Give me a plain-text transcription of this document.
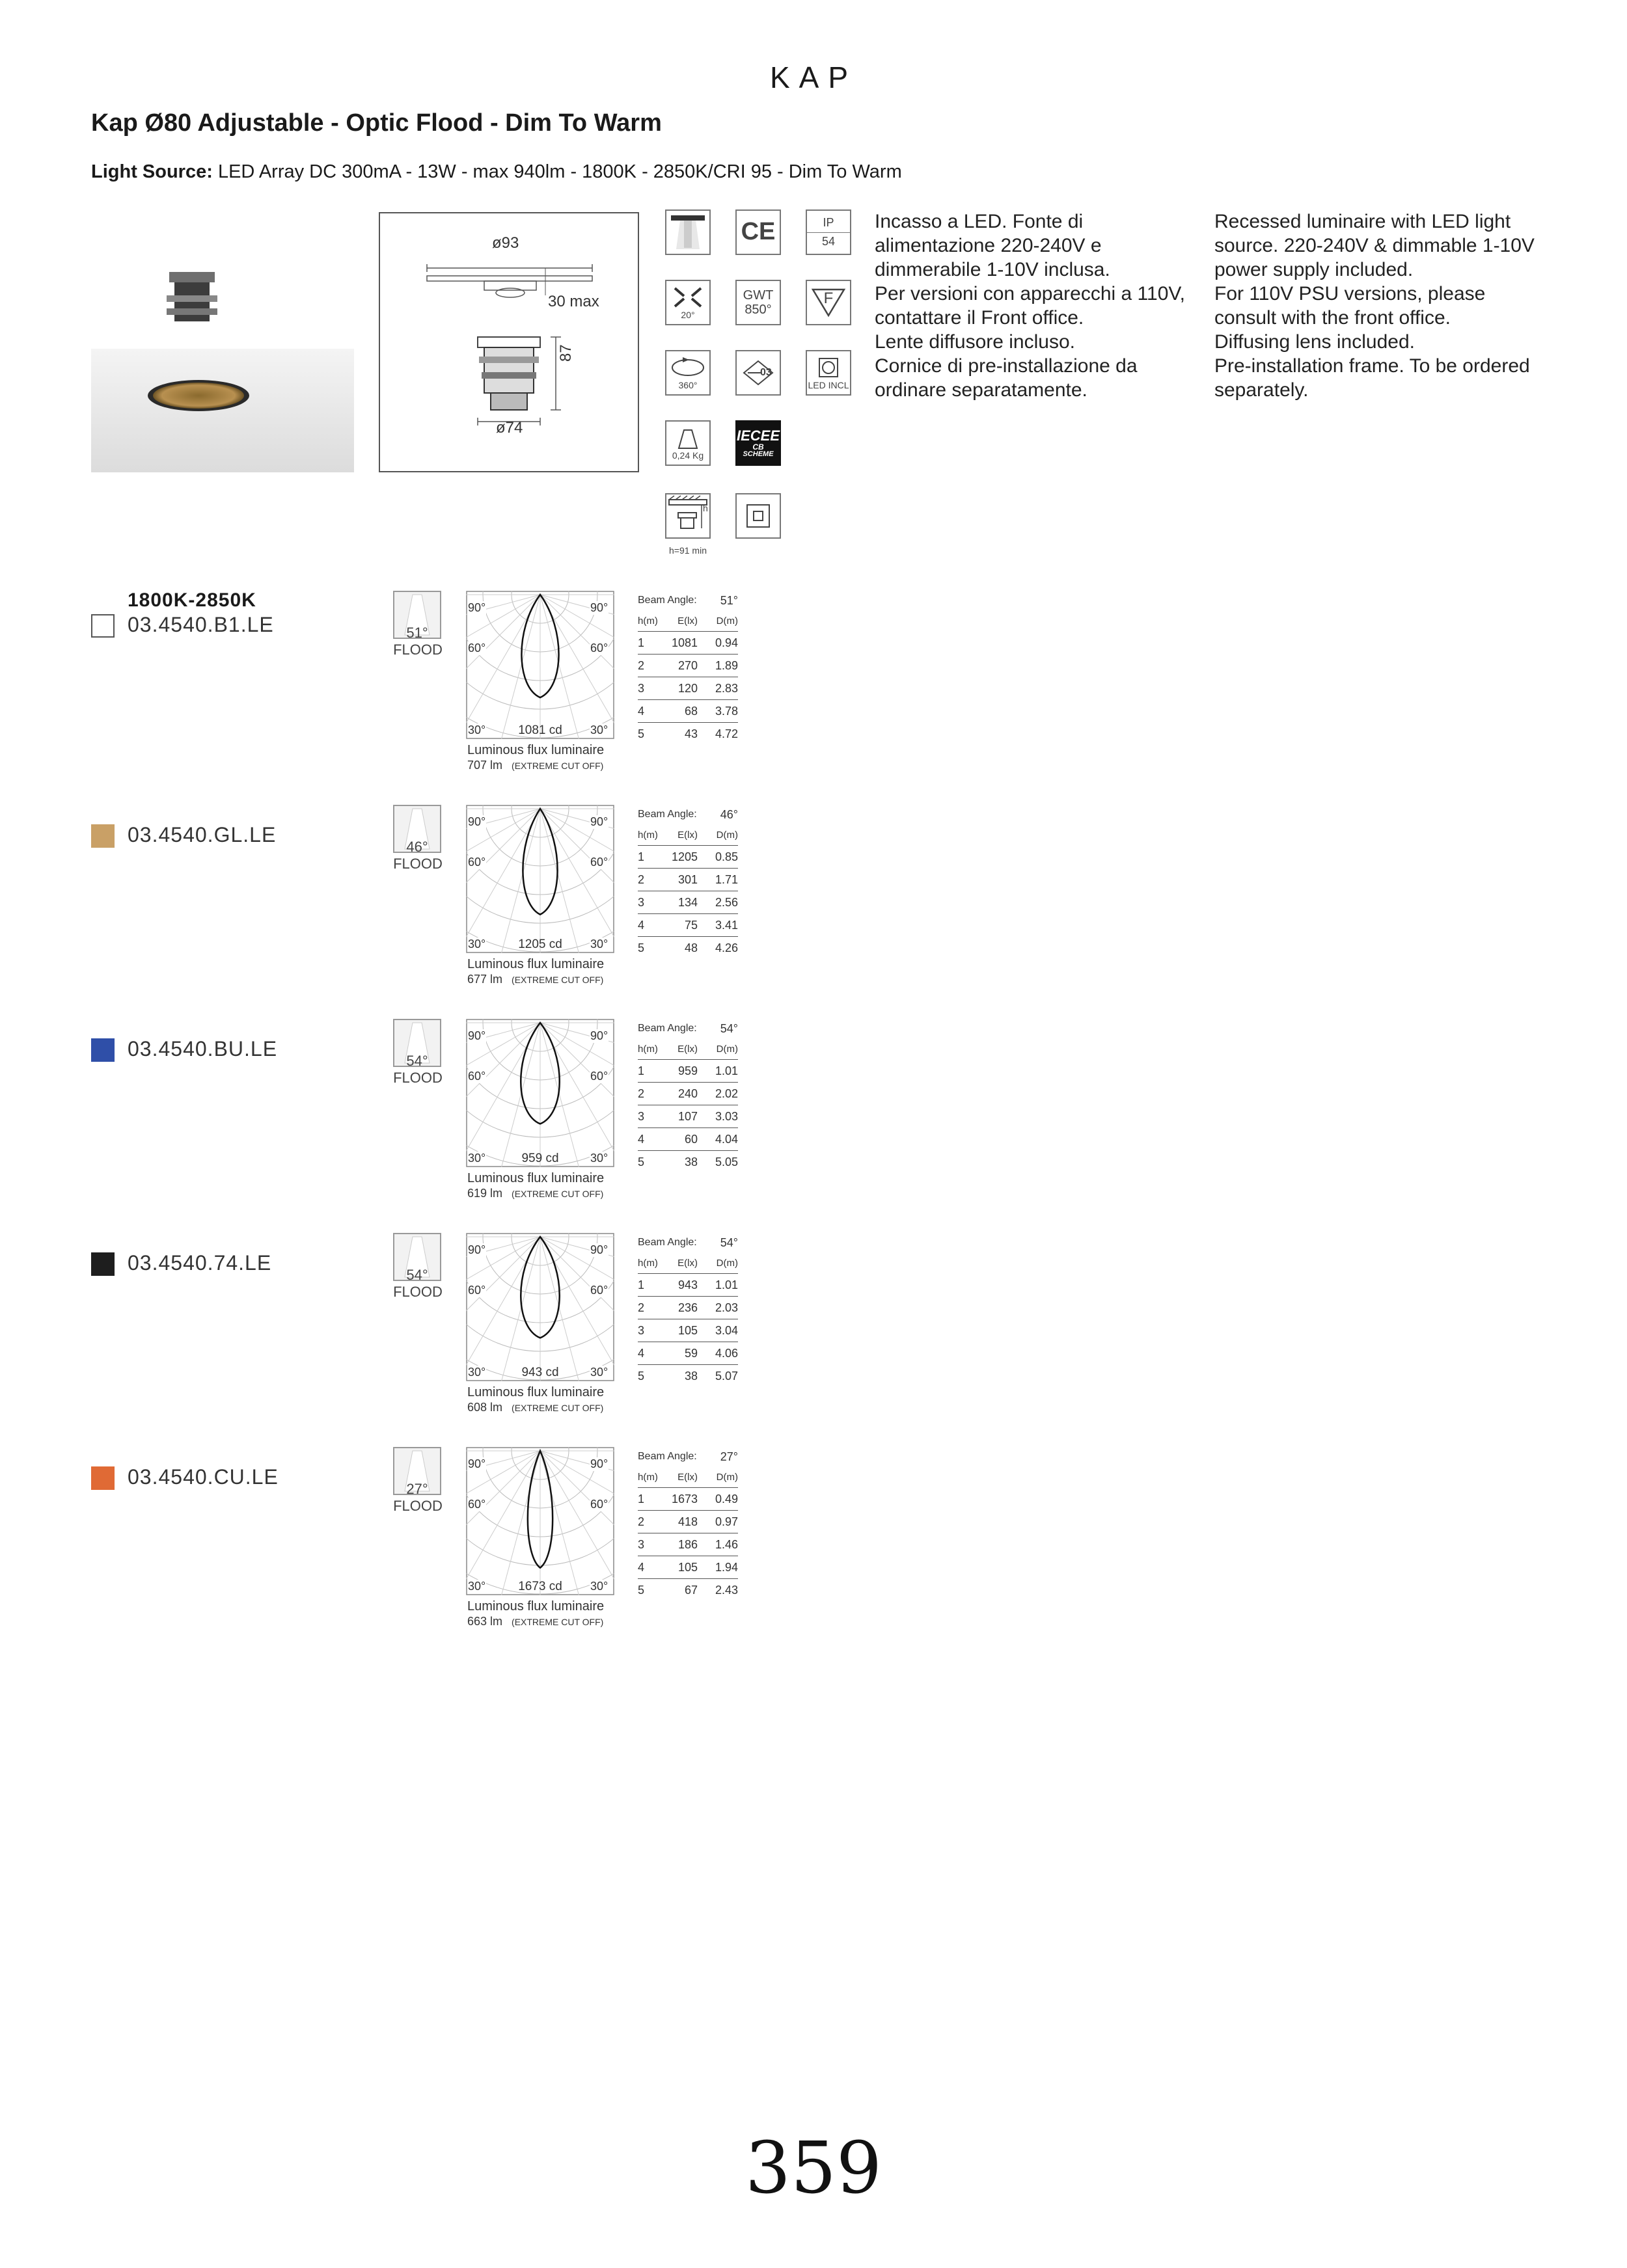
KAP
Kap Ø80 Adjustable - Optic Flood - Dim To Warm
Light Source: LED Array DC 300mA - 13W - max 940lm - 1800K - 2850K/CRI 95 - Dim To Warm
ø93
30 max
87
ø74
CE	IP
54
20°
GWT
850°
F
360°
03
LED INCL
0,24 Kg
IECEE
CB
SCHEME
h
h=91 min
Incasso a LED. Fonte di
alimentazione 220-240V e
dimmerabile 1-10V inclusa.
Per versioni con apparecchi a 110V,
contattare il Front office.
Lente diffusore incluso.
Cornice di pre-installazione da
ordinare separatamente.
Recessed luminaire with LED light
source. 220-240V & dimmable 1-10V
power supply included.
For 110V PSU versions, please
consult with the front office.
Diffusing lens included.
Pre-installation frame. To be ordered
separately.
1800K-2850K
03.4540.B1.LE	51°
FLOOD
90°	90°
60°	60°
30°	30°
1081 cd
Luminous flux luminaire
707 lm (EXTREME CUT OFF)
Beam Angle: 51°
h(m)	E(lx)	D(m)
1	1081	0.94
2	270	1.89
3	120	2.83
4	68	3.78
5	43	4.72
03.4540.GL.LE
46°
FLOOD
90°	90°
60°	60°
30°	30°
1205 cd
Luminous flux luminaire
677 lm (EXTREME CUT OFF)
Beam Angle: 46°
h(m)	E(lx)	D(m)
1	1205	0.85
2	301	1.71
3	134	2.56
4	75	3.41
5	48	4.26
03.4540.BU.LE
54°
FLOOD
90°	90°
60°	60°
30°	30°
959 cd
Luminous flux luminaire
619 lm (EXTREME CUT OFF)
Beam Angle: 54°
h(m)	E(lx)	D(m)
1	959	1.01
2	240	2.02
3	107	3.03
4	60	4.04
5	38	5.05
03.4540.74.LE
54°
FLOOD
90°	90°
60°	60°
30°	30°
943 cd
Luminous flux luminaire
608 lm (EXTREME CUT OFF)
Beam Angle: 54°
h(m)	E(lx)	D(m)
1	943	1.01
2	236	2.03
3	105	3.04
4	59	4.06
5	38	5.07
03.4540.CU.LE
27°
FLOOD
90°	90°
60°	60°
30°	30°
1673 cd
Luminous flux luminaire
663 lm (EXTREME CUT OFF)
Beam Angle: 27°
h(m)	E(lx)	D(m)
1	1673	0.49
2	418	0.97
3	186	1.46
4	105	1.94
5	67	2.43
359
